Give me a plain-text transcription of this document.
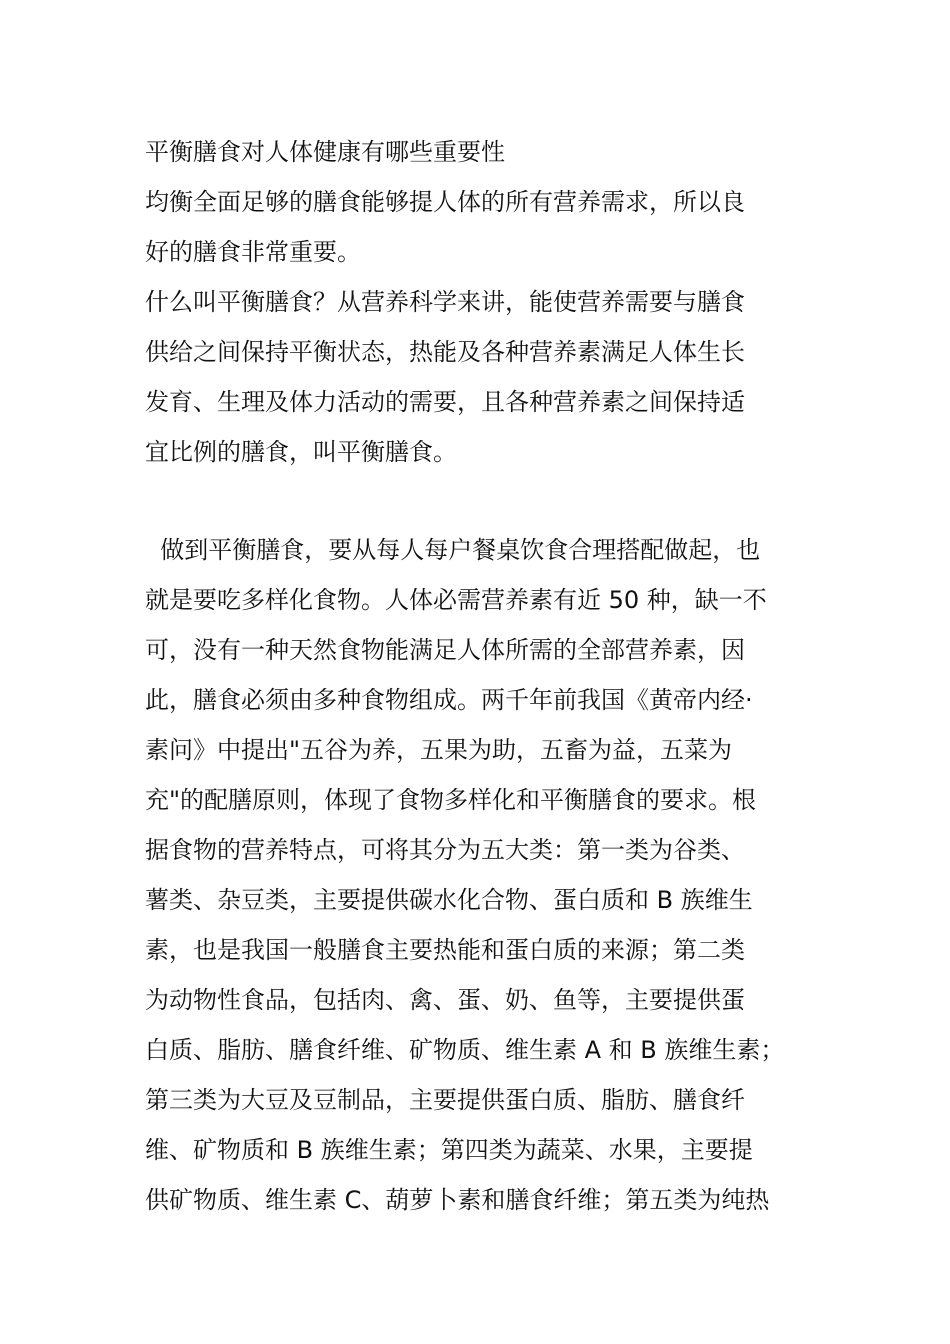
平衡膳食对人体健康有哪些重要性
均衡全面足够的膳食能够提人体的所有营养需求，所以良
好的膳食非常重要。
什么叫平衡膳食？从营养科学来讲，能使营养需要与膳食
供给之间保持平衡状态，热能及各种营养素满足人体生长
发育、生理及体力活动的需要，且各种营养素之间保持适
宜比例的膳食，叫平衡膳食。
做到平衡膳食，要从每人每户餐桌饮食合理搭配做起，也
就是要吃多样化食物。人体必需营养素有近 50 种，缺一不
可，没有一种天然食物能满足人体所需的全部营养素，因
此，膳食必须由多种食物组成。两千年前我国《黄帝内经·
素问》中提出"五谷为养，五果为助，五畜为益，五菜为
充"的配膳原则，体现了食物多样化和平衡膳食的要求。根
据食物的营养特点，可将其分为五大类：第一类为谷类、
薯类、杂豆类，主要提供碳水化合物、蛋白质和 B 族维生
素，也是我国一般膳食主要热能和蛋白质的来源；第二类
为动物性食品，包括肉、禽、蛋、奶、鱼等，主要提供蛋
白质、脂肪、膳食纤维、矿物质、维生素 A 和 B 族维生素；
第三类为大豆及豆制品，主要提供蛋白质、脂肪、膳食纤
维、矿物质和 B 族维生素；第四类为蔬菜、水果，主要提
供矿物质、维生素 C、葫萝卜素和膳食纤维；第五类为纯热
